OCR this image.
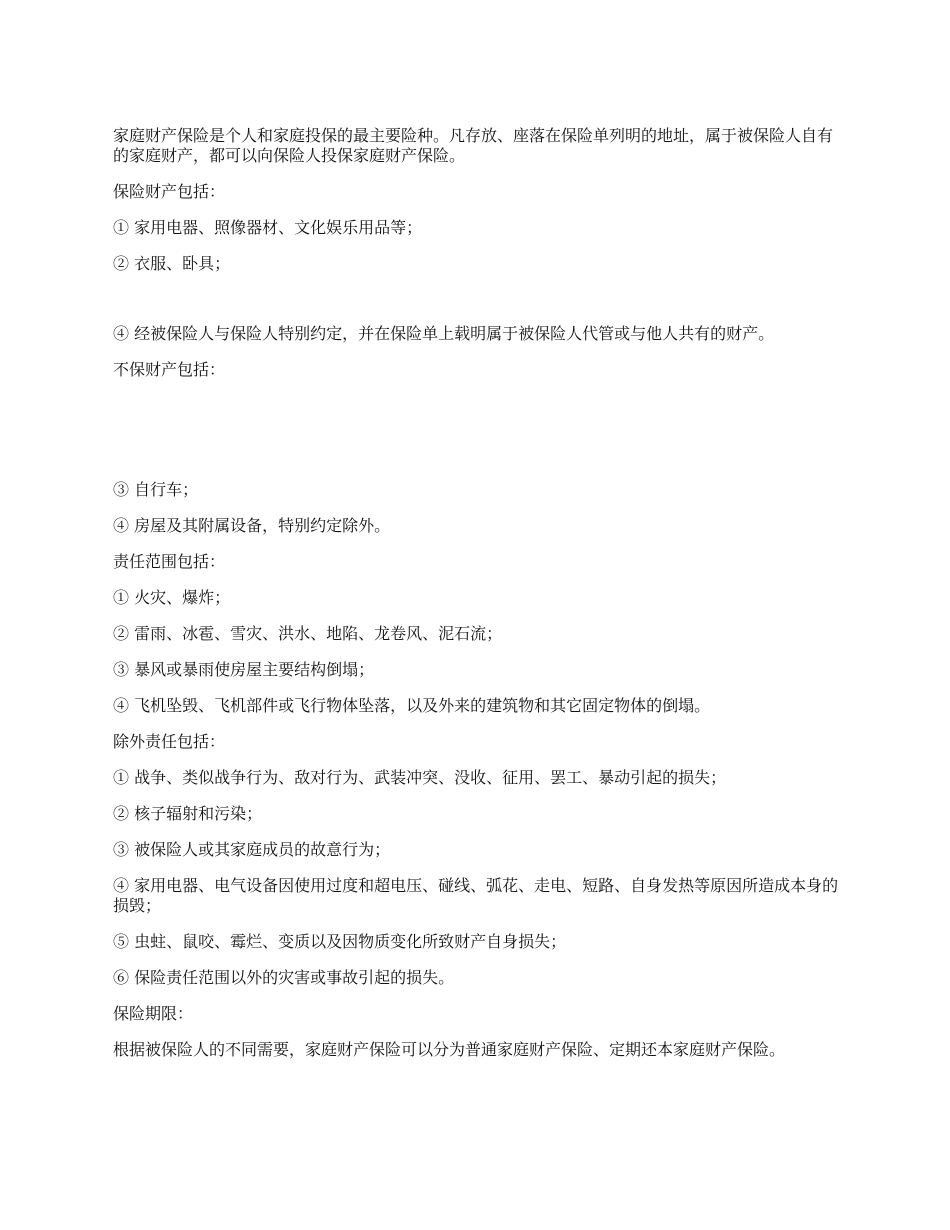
家庭财产保险是个人和家庭投保的最主要险种。凡存放、座落在保险单列明的地址，属于被保险人自有的家庭财产，都可以向保险人投保家庭财产保险。

保险财产包括：

① 家用电器、照像器材、文化娱乐用品等；

② 衣服、卧具；

④ 经被保险人与保险人特别约定，并在保险单上载明属于被保险人代管或与他人共有的财产。

不保财产包括：

③ 自行车；

④ 房屋及其附属设备，特别约定除外。

责任范围包括：

① 火灾、爆炸；

② 雷雨、冰雹、雪灾、洪水、地陷、龙卷风、泥石流；

③ 暴风或暴雨使房屋主要结构倒塌；

④ 飞机坠毁、飞机部件或飞行物体坠落，以及外来的建筑物和其它固定物体的倒塌。

除外责任包括：

① 战争、类似战争行为、敌对行为、武装冲突、没收、征用、罢工、暴动引起的损失；

② 核子辐射和污染；

③ 被保险人或其家庭成员的故意行为；

④ 家用电器、电气设备因使用过度和超电压、碰线、弧花、走电、短路、自身发热等原因所造成本身的损毁；

⑤ 虫蛀、鼠咬、霉烂、变质以及因物质变化所致财产自身损失；

⑥ 保险责任范围以外的灾害或事故引起的损失。

保险期限：

根据被保险人的不同需要，家庭财产保险可以分为普通家庭财产保险、定期还本家庭财产保险。
